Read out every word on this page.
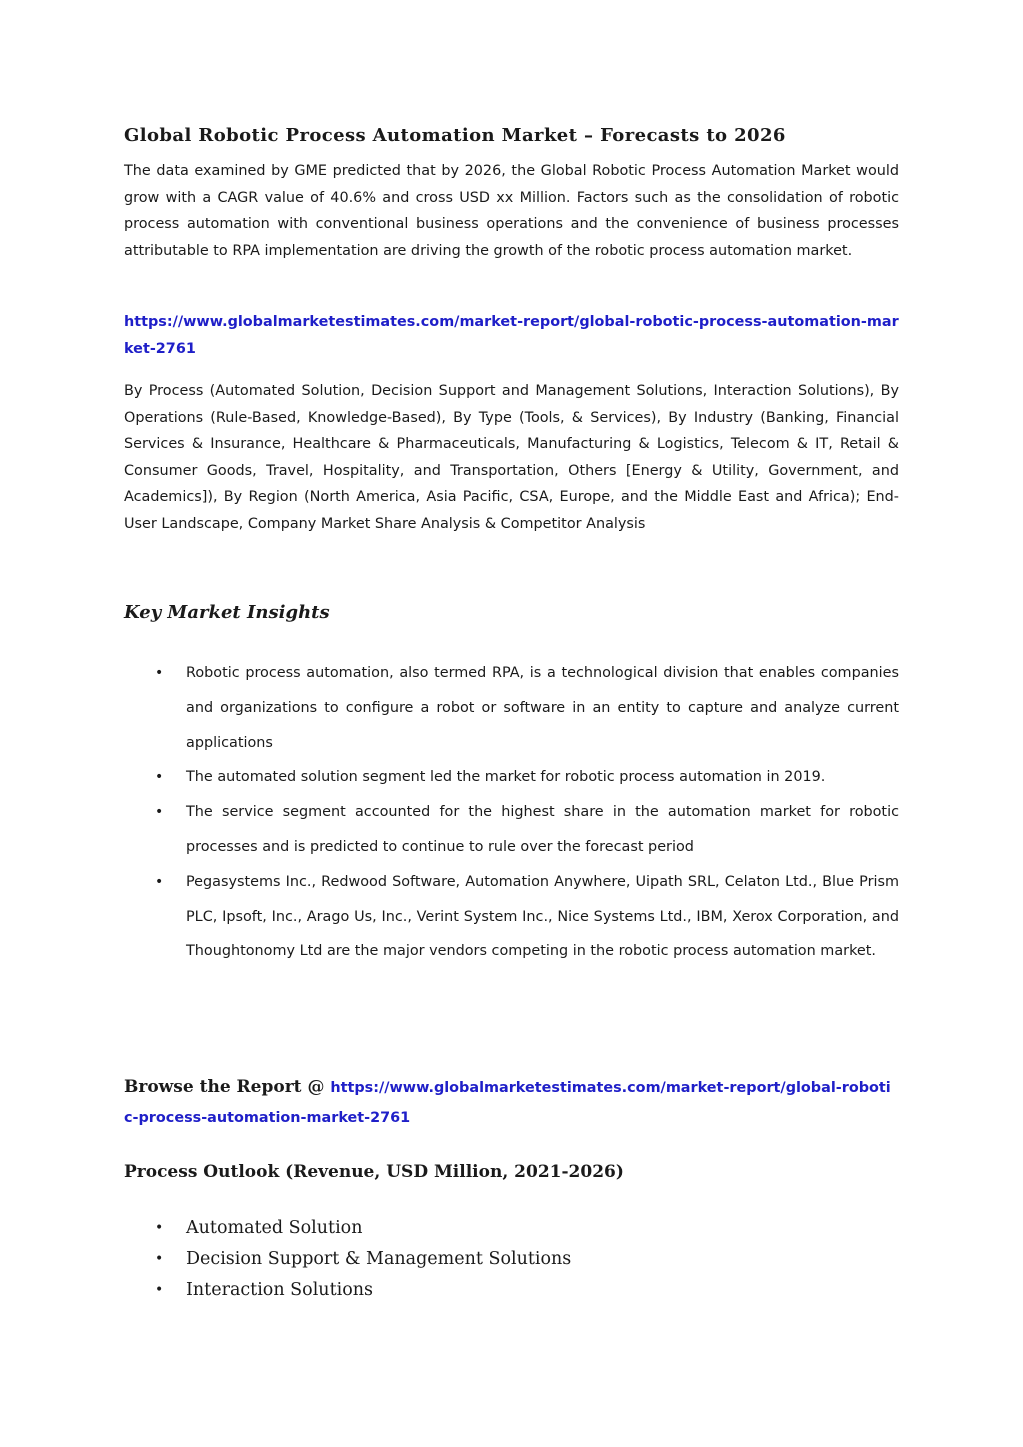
Global Robotic Process Automation Market – Forecasts to 2026

The data examined by GME predicted that by 2026, the Global Robotic Process Automation Market would grow with a CAGR value of 40.6% and cross USD xx Million. Factors such as the consolidation of robotic process automation with conventional business operations and the convenience of business processes attributable to RPA implementation are driving the growth of the robotic process automation market.

https://www.globalmarketestimates.com/market-report/global-robotic-process-automation-market-2761

By Process (Automated Solution, Decision Support and Management Solutions, Interaction Solutions), By Operations (Rule-Based, Knowledge-Based), By Type (Tools, & Services), By Industry (Banking, Financial Services & Insurance, Healthcare & Pharmaceuticals, Manufacturing & Logistics, Telecom & IT, Retail & Consumer Goods, Travel, Hospitality, and Transportation, Others [Energy & Utility, Government, and Academics]), By Region (North America, Asia Pacific, CSA, Europe, and the Middle East and Africa); End-User Landscape, Company Market Share Analysis & Competitor Analysis

Key Market Insights
• Robotic process automation, also termed RPA, is a technological division that enables companies and organizations to configure a robot or software in an entity to capture and analyze current applications
• The automated solution segment led the market for robotic process automation in 2019.
• The service segment accounted for the highest share in the automation market for robotic processes and is predicted to continue to rule over the forecast period
• Pegasystems Inc., Redwood Software, Automation Anywhere, Uipath SRL, Celaton Ltd., Blue Prism PLC, Ipsoft, Inc., Arago Us, Inc., Verint System Inc., Nice Systems Ltd., IBM, Xerox Corporation, and Thoughtonomy Ltd are the major vendors competing in the robotic process automation market.

Browse the Report @ https://www.globalmarketestimates.com/market-report/global-robotic-process-automation-market-2761

Process Outlook (Revenue, USD Million, 2021-2026)
• Automated Solution
• Decision Support & Management Solutions
• Interaction Solutions
